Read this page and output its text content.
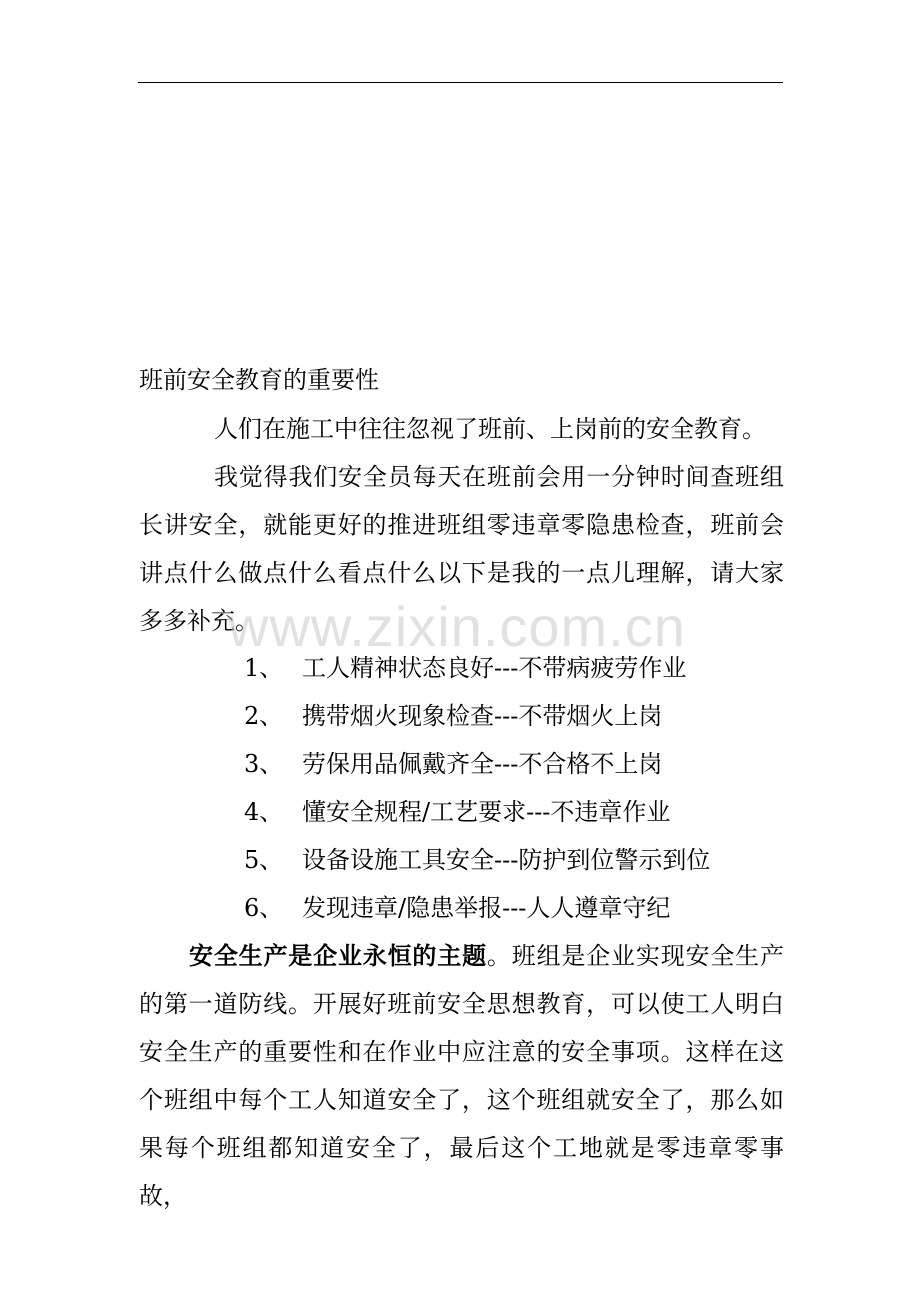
班前安全教育的重要性
人们在施工中往往忽视了班前、上岗前的安全教育。
我觉得我们安全员每天在班前会用一分钟时间查班组长讲安全，就能更好的推进班组零违章零隐患检查，班前会讲点什么做点什么看点什么以下是我的一点儿理解，请大家多多补充。
1、 工人精神状态良好---不带病疲劳作业
2、 携带烟火现象检查---不带烟火上岗
3、 劳保用品佩戴齐全---不合格不上岗
4、 懂安全规程/工艺要求---不违章作业
5、 设备设施工具安全---防护到位警示到位
6、 发现违章/隐患举报---人人遵章守纪
安全生产是企业永恒的主题。班组是企业实现安全生产的第一道防线。开展好班前安全思想教育，可以使工人明白安全生产的重要性和在作业中应注意的安全事项。这样在这个班组中每个工人知道安全了，这个班组就安全了，那么如果每个班组都知道安全了，最后这个工地就是零违章零事故，
www.zixin.com.cn
